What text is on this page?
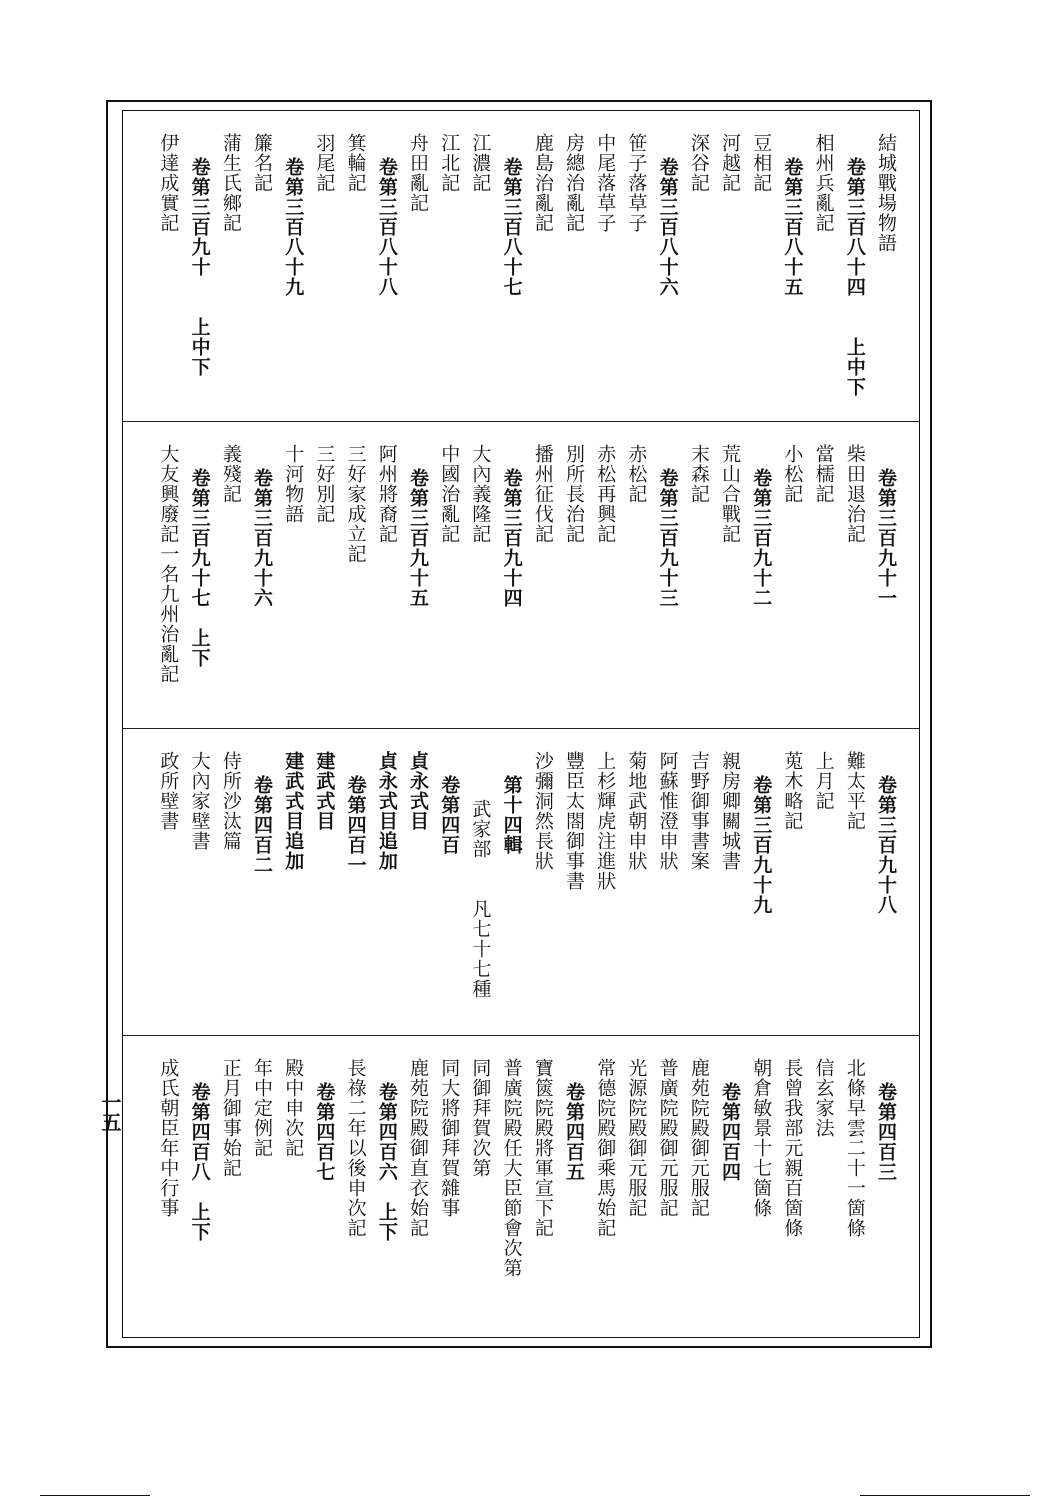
結城戰場物語
卷第三百八十四　　上中下
相州兵亂記
卷第三百八十五
豆相記
河越記
深谷記
卷第三百八十六
笹子落草子
中尾落草子
房總治亂記
鹿島治亂記
卷第三百八十七
江濃記
江北記
舟田亂記
卷第三百八十八
箕輪記
羽尾記
卷第三百八十九
簾名記
蒲生氏鄉記
卷第三百九十　　上中下
伊達成實記
卷第三百九十一
柴田退治記
當檽記
小松記
卷第三百九十二
荒山合戰記
末森記
卷第三百九十三
赤松記
赤松再興記
別所長治記
播州征伐記
卷第三百九十四
大內義隆記
中國治亂記
卷第三百九十五
阿州將裔記
三好家成立記
三好別記
十河物語
卷第三百九十六
義殘記
卷第三百九十七　上下
大友興廢記一名九州治亂記
卷第三百九十八
難太平記
上月記
莵木略記
卷第三百九十九
親房卿關城書
吉野御事書案
阿蘇惟澄申狀
菊地武朝申狀
上杉輝虎注進狀
豐臣太閤御事書
沙彌洞然長狀
第十四輯
武家部　　凡七十七種
卷第四百
貞永式目
貞永式目追加
卷第四百一
建武式目
建武式目追加
卷第四百二
侍所沙汰篇
大內家壁書
政所壁書
卷第四百三
北條早雲二十一箇條
信玄家法
長曾我部元親百箇條
朝倉敏景十七箇條
卷第四百四
鹿苑院殿御元服記
普廣院殿御元服記
光源院殿御元服記
常德院殿御乘馬始記
卷第四百五
寶篋院殿將軍宣下記
普廣院殿任大臣節會次第
同御拜賀次第
同大將御拜賀雜事
鹿苑院殿御直衣始記
卷第四百六　上下
長祿二年以後申次記
卷第四百七
殿中申次記
年中定例記
正月御事始記
卷第四百八　上下
成氏朝臣年中行事
一五
